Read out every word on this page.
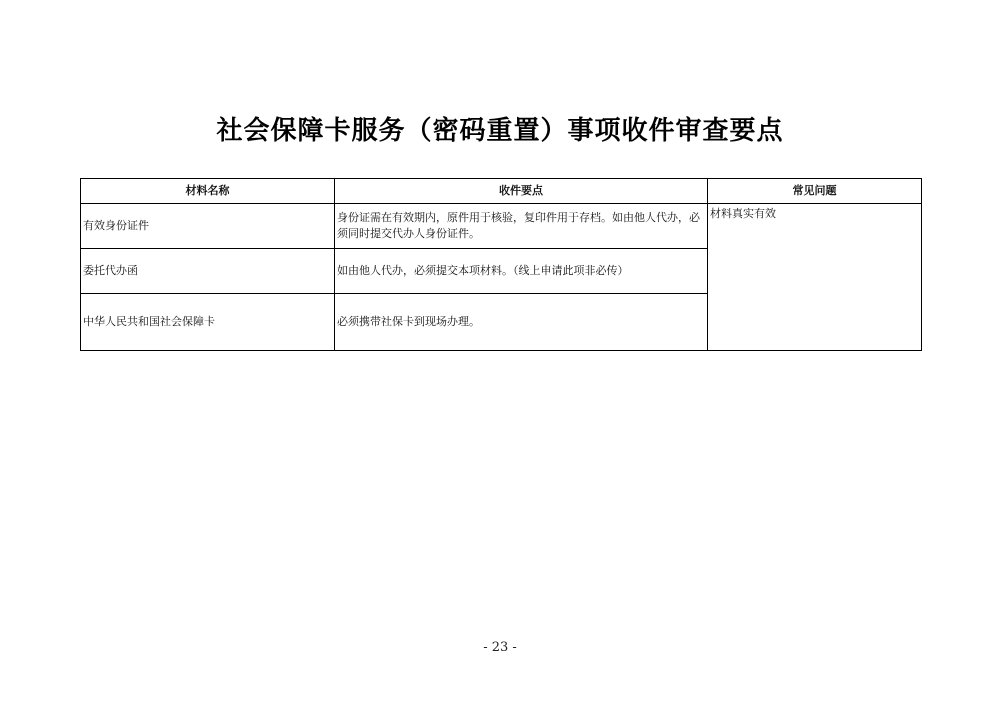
社会保障卡服务（密码重置）事项收件审查要点
材料名称	收件要点	常见问题
有效身份证件	身份证需在有效期内，原件用于核验，复印件用于存档。如由他人代办，必须同时提交代办人身份证件。	材料真实有效
委托代办函	如由他人代办，必须提交本项材料。（线上申请此项非必传）	
中华人民共和国社会保障卡	必须携带社保卡到现场办理。	
- 23 -
